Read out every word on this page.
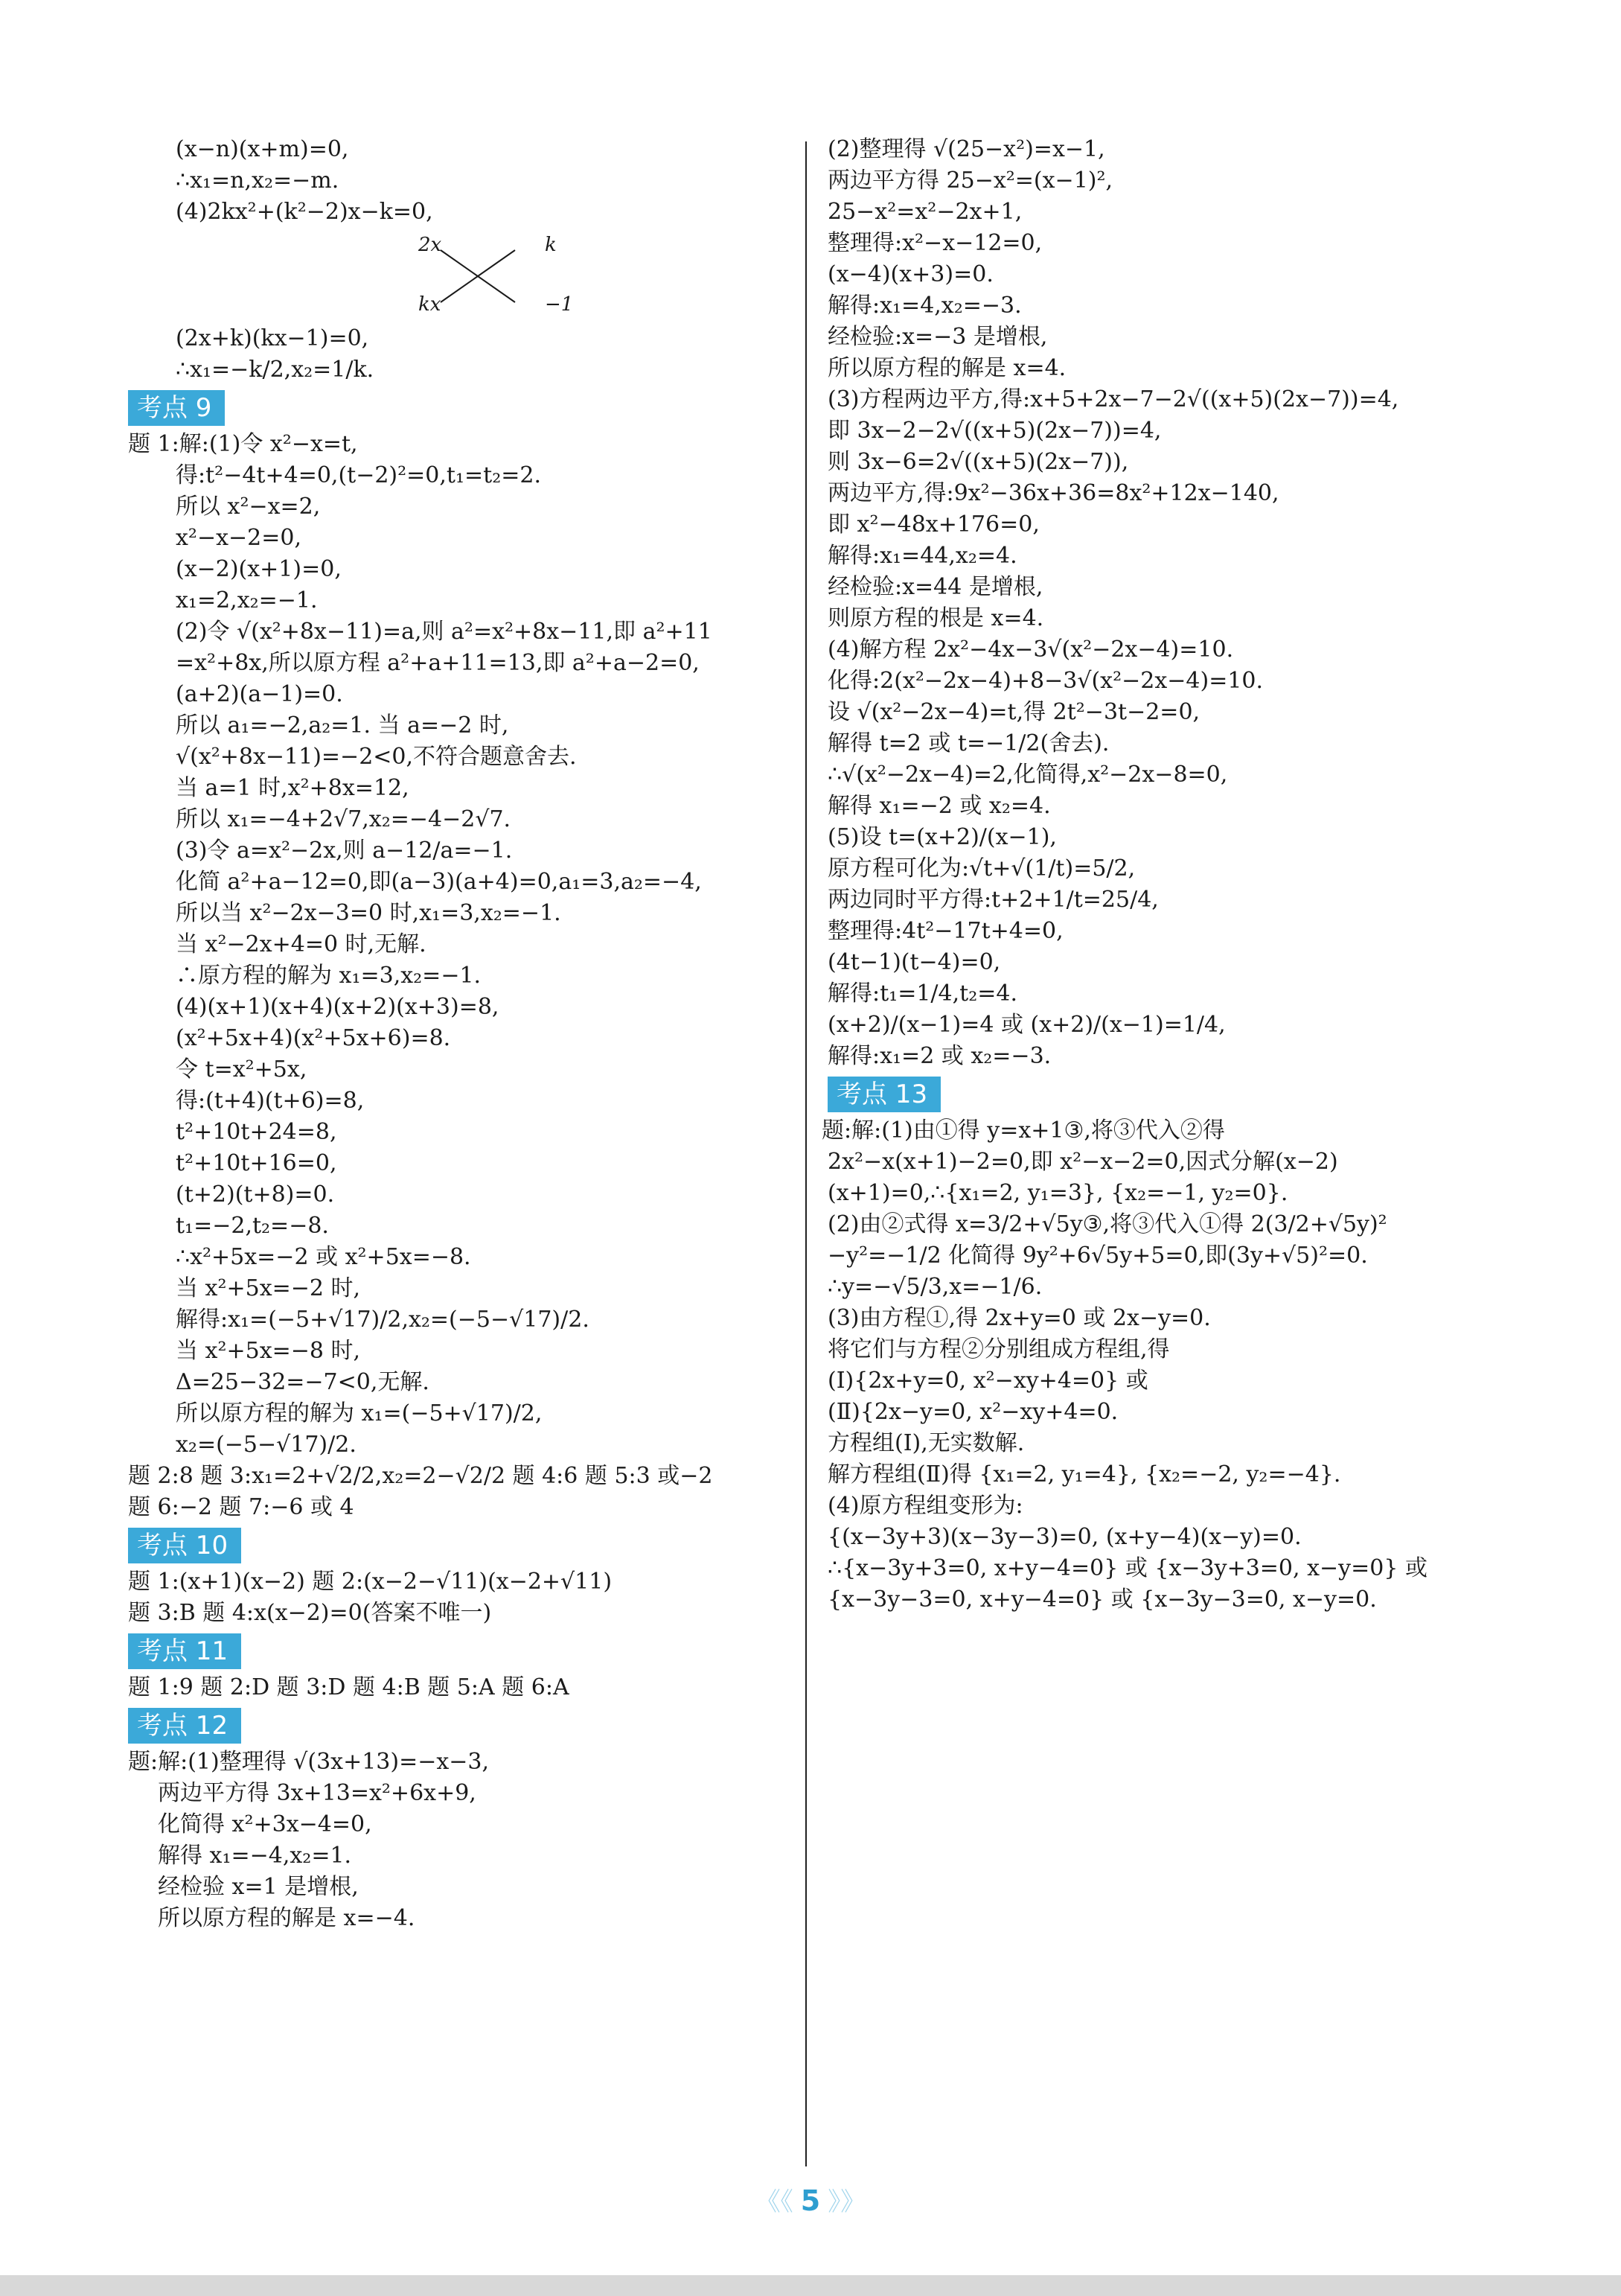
(x−n)(x+m)=0,
∴x₁=n,x₂=−m.
(4)2kx²+(k²−2)x−k=0,
2x	k
kx	−1
(2x+k)(kx−1)=0,
∴x₁=−k/2,x₂=1/k.
考点 9
题 1:解:(1)令 x²−x=t,
得:t²−4t+4=0,(t−2)²=0,t₁=t₂=2.
所以 x²−x=2,
x²−x−2=0,
(x−2)(x+1)=0,
x₁=2,x₂=−1.
(2)令 √(x²+8x−11)=a,则 a²=x²+8x−11,即 a²+11
=x²+8x,所以原方程 a²+a+11=13,即 a²+a−2=0,
(a+2)(a−1)=0.
所以 a₁=−2,a₂=1. 当 a=−2 时,
√(x²+8x−11)=−2<0,不符合题意舍去.
当 a=1 时,x²+8x=12,
所以 x₁=−4+2√7,x₂=−4−2√7.
(3)令 a=x²−2x,则 a−12/a=−1.
化简 a²+a−12=0,即(a−3)(a+4)=0,a₁=3,a₂=−4,
所以当 x²−2x−3=0 时,x₁=3,x₂=−1.
当 x²−2x+4=0 时,无解.
∴原方程的解为 x₁=3,x₂=−1.
(4)(x+1)(x+4)(x+2)(x+3)=8,
(x²+5x+4)(x²+5x+6)=8.
令 t=x²+5x,
得:(t+4)(t+6)=8,
t²+10t+24=8,
t²+10t+16=0,
(t+2)(t+8)=0.
t₁=−2,t₂=−8.
∴x²+5x=−2 或 x²+5x=−8.
当 x²+5x=−2 时,
解得:x₁=(−5+√17)/2,x₂=(−5−√17)/2.
当 x²+5x=−8 时,
Δ=25−32=−7<0,无解.
所以原方程的解为 x₁=(−5+√17)/2,
x₂=(−5−√17)/2.
题 2:8 题 3:x₁=2+√2/2,x₂=2−√2/2 题 4:6 题 5:3 或−2
题 6:−2 题 7:−6 或 4
考点 10
题 1:(x+1)(x−2) 题 2:(x−2−√11)(x−2+√11)
题 3:B 题 4:x(x−2)=0(答案不唯一)
考点 11
题 1:9 题 2:D 题 3:D 题 4:B 题 5:A 题 6:A
考点 12
题:解:(1)整理得 √(3x+13)=−x−3,
两边平方得 3x+13=x²+6x+9,
化简得 x²+3x−4=0,
解得 x₁=−4,x₂=1.
经检验 x=1 是增根,
所以原方程的解是 x=−4.
(2)整理得 √(25−x²)=x−1,
两边平方得 25−x²=(x−1)²,
25−x²=x²−2x+1,
整理得:x²−x−12=0,
(x−4)(x+3)=0.
解得:x₁=4,x₂=−3.
经检验:x=−3 是增根,
所以原方程的解是 x=4.
(3)方程两边平方,得:x+5+2x−7−2√((x+5)(2x−7))=4,
即 3x−2−2√((x+5)(2x−7))=4,
则 3x−6=2√((x+5)(2x−7)),
两边平方,得:9x²−36x+36=8x²+12x−140,
即 x²−48x+176=0,
解得:x₁=44,x₂=4.
经检验:x=44 是增根,
则原方程的根是 x=4.
(4)解方程 2x²−4x−3√(x²−2x−4)=10.
化得:2(x²−2x−4)+8−3√(x²−2x−4)=10.
设 √(x²−2x−4)=t,得 2t²−3t−2=0,
解得 t=2 或 t=−1/2(舍去).
∴√(x²−2x−4)=2,化简得,x²−2x−8=0,
解得 x₁=−2 或 x₂=4.
(5)设 t=(x+2)/(x−1),
原方程可化为:√t+√(1/t)=5/2,
两边同时平方得:t+2+1/t=25/4,
整理得:4t²−17t+4=0,
(4t−1)(t−4)=0,
解得:t₁=1/4,t₂=4.
(x+2)/(x−1)=4 或 (x+2)/(x−1)=1/4,
解得:x₁=2 或 x₂=−3.
考点 13
题:解:(1)由①得 y=x+1③,将③代入②得
2x²−x(x+1)−2=0,即 x²−x−2=0,因式分解(x−2)
(x+1)=0,∴{x₁=2, y₁=3}, {x₂=−1, y₂=0}.
(2)由②式得 x=3/2+√5y③,将③代入①得 2(3/2+√5y)²
−y²=−1/2 化简得 9y²+6√5y+5=0,即(3y+√5)²=0.
∴y=−√5/3,x=−1/6.
(3)由方程①,得 2x+y=0 或 2x−y=0.
将它们与方程②分别组成方程组,得
(Ⅰ){2x+y=0, x²−xy+4=0} 或
(Ⅱ){2x−y=0, x²−xy+4=0.
方程组(Ⅰ),无实数解.
解方程组(Ⅱ)得 {x₁=2, y₁=4}, {x₂=−2, y₂=−4}.
(4)原方程组变形为:
{(x−3y+3)(x−3y−3)=0, (x+y−4)(x−y)=0.
∴{x−3y+3=0, x+y−4=0} 或 {x−3y+3=0, x−y=0} 或
{x−3y−3=0, x+y−4=0} 或 {x−3y−3=0, x−y=0.
《《 5 》》
